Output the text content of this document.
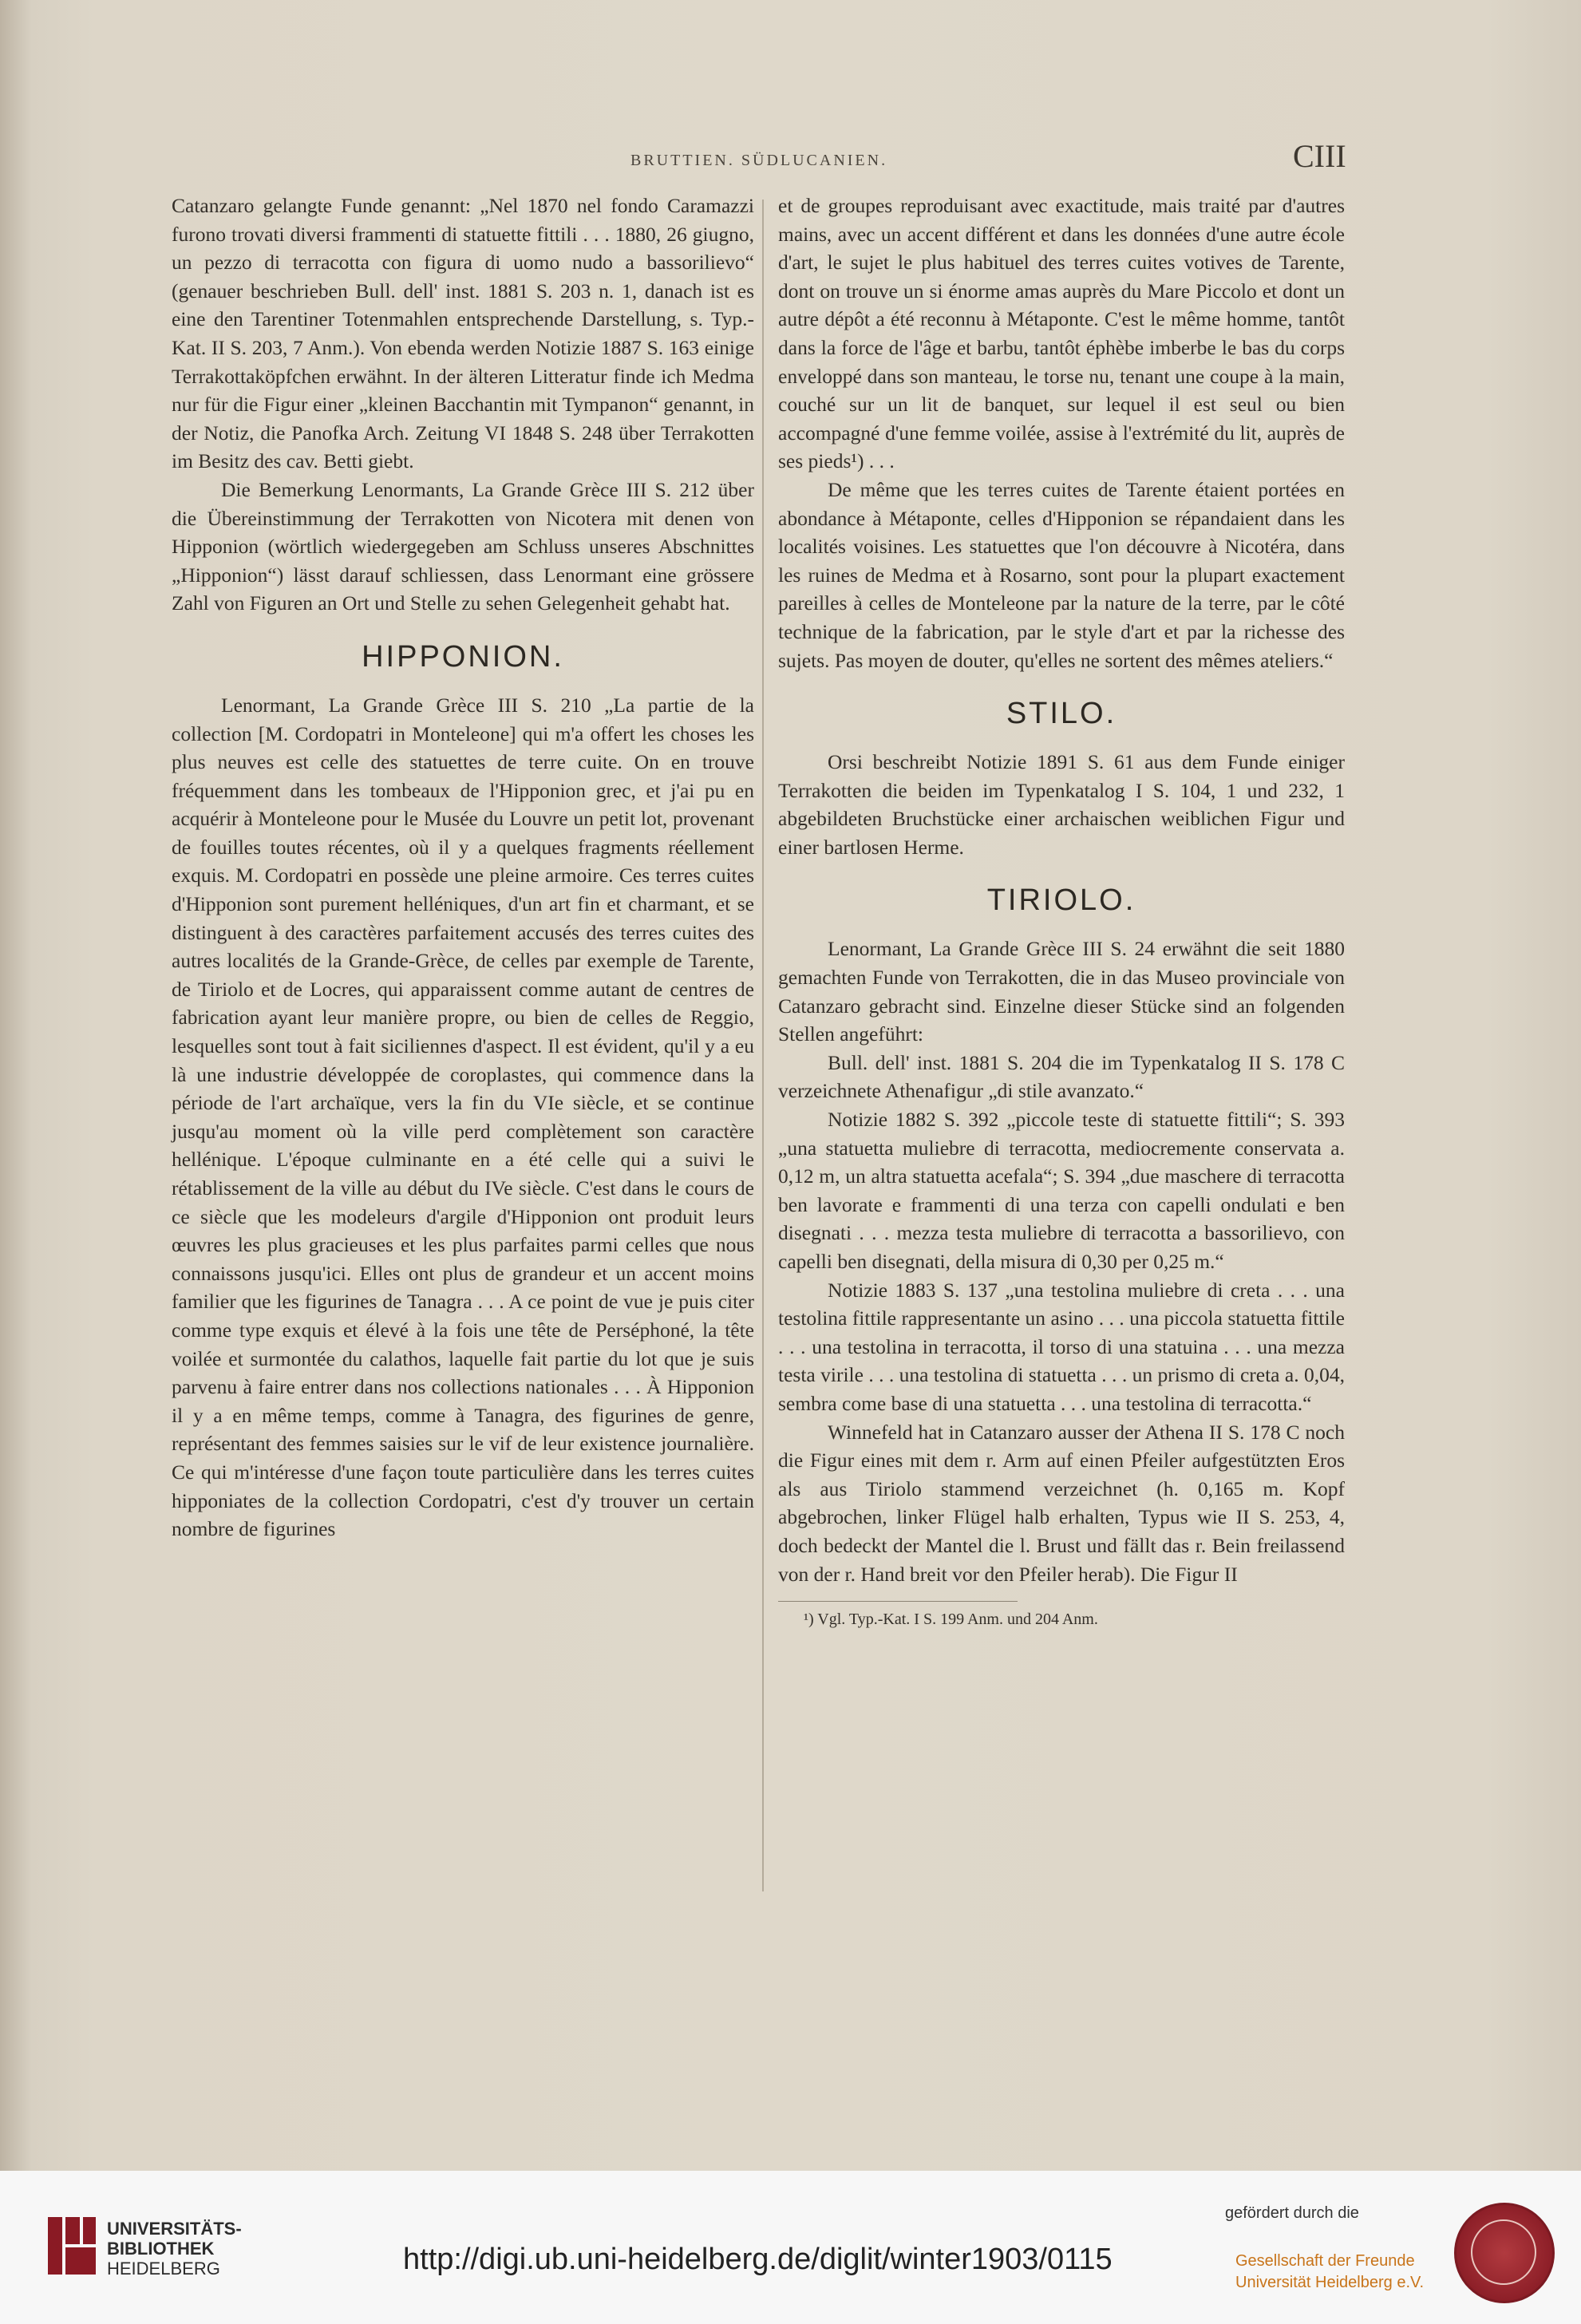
BRUTTIEN. SÜDLUCANIEN.	CIII

Catanzaro gelangte Funde genannt: „Nel 1870 nel fondo Caramazzi furono trovati diversi frammenti di statuette fittili . . . 1880, 26 giugno, un pezzo di terracotta con figura di uomo nudo a bassorilievo“ (genauer beschrieben Bull. dell' inst. 1881 S. 203 n. 1, danach ist es eine den Tarentiner Totenmahlen entsprechende Darstellung, s. Typ.-Kat. II S. 203, 7 Anm.). Von ebenda werden Notizie 1887 S. 163 einige Terrakottaköpfchen erwähnt. In der älteren Litteratur finde ich Medma nur für die Figur einer „kleinen Bacchantin mit Tympanon“ genannt, in der Notiz, die Panofka Arch. Zeitung VI 1848 S. 248 über Terrakotten im Besitz des cav. Betti giebt.

Die Bemerkung Lenormants, La Grande Grèce III S. 212 über die Übereinstimmung der Terrakotten von Nicotera mit denen von Hipponion (wörtlich wiedergegeben am Schluss unseres Abschnittes „Hipponion“) lässt darauf schliessen, dass Lenormant eine grössere Zahl von Figuren an Ort und Stelle zu sehen Gelegenheit gehabt hat.

HIPPONION.

Lenormant, La Grande Grèce III S. 210 „La partie de la collection [M. Cordopatri in Monteleone] qui m'a offert les choses les plus neuves est celle des statuettes de terre cuite. On en trouve fréquemment dans les tombeaux de l'Hipponion grec, et j'ai pu en acquérir à Monteleone pour le Musée du Louvre un petit lot, provenant de fouilles toutes récentes, où il y a quelques fragments réellement exquis. M. Cordopatri en possède une pleine armoire. Ces terres cuites d'Hipponion sont purement helléniques, d'un art fin et charmant, et se distinguent à des caractères parfaitement accusés des terres cuites des autres localités de la Grande-Grèce, de celles par exemple de Tarente, de Tiriolo et de Locres, qui apparaissent comme autant de centres de fabrication ayant leur manière propre, ou bien de celles de Reggio, lesquelles sont tout à fait siciliennes d'aspect. Il est évident, qu'il y a eu là une industrie développée de coroplastes, qui commence dans la période de l'art archaïque, vers la fin du VIe siècle, et se continue jusqu'au moment où la ville perd complètement son caractère hellénique. L'époque culminante en a été celle qui a suivi le rétablissement de la ville au début du IVe siècle. C'est dans le cours de ce siècle que les modeleurs d'argile d'Hipponion ont produit leurs œuvres les plus gracieuses et les plus parfaites parmi celles que nous connaissons jusqu'ici. Elles ont plus de grandeur et un accent moins familier que les figurines de Tanagra . . . A ce point de vue je puis citer comme type exquis et élevé à la fois une tête de Perséphoné, la tête voilée et surmontée du calathos, laquelle fait partie du lot que je suis parvenu à faire entrer dans nos collections nationales . . . À Hipponion il y a en même temps, comme à Tanagra, des figurines de genre, représentant des femmes saisies sur le vif de leur existence journalière. Ce qui m'intéresse d'une façon toute particulière dans les terres cuites hipponiates de la collection Cordopatri, c'est d'y trouver un certain nombre de figurines

et de groupes reproduisant avec exactitude, mais traité par d'autres mains, avec un accent différent et dans les données d'une autre école d'art, le sujet le plus habituel des terres cuites votives de Tarente, dont on trouve un si énorme amas auprès du Mare Piccolo et dont un autre dépôt a été reconnu à Métaponte. C'est le même homme, tantôt dans la force de l'âge et barbu, tantôt éphèbe imberbe le bas du corps enveloppé dans son manteau, le torse nu, tenant une coupe à la main, couché sur un lit de banquet, sur lequel il est seul ou bien accompagné d'une femme voilée, assise à l'extrémité du lit, auprès de ses pieds¹) . . .

De même que les terres cuites de Tarente étaient portées en abondance à Métaponte, celles d'Hipponion se répandaient dans les localités voisines. Les statuettes que l'on découvre à Nicotéra, dans les ruines de Medma et à Rosarno, sont pour la plupart exactement pareilles à celles de Monteleone par la nature de la terre, par le côté technique de la fabrication, par le style d'art et par la richesse des sujets. Pas moyen de douter, qu'elles ne sortent des mêmes ateliers.“

STILO.

Orsi beschreibt Notizie 1891 S. 61 aus dem Funde einiger Terrakotten die beiden im Typenkatalog I S. 104, 1 und 232, 1 abgebildeten Bruchstücke einer archaischen weiblichen Figur und einer bartlosen Herme.

TIRIOLO.

Lenormant, La Grande Grèce III S. 24 erwähnt die seit 1880 gemachten Funde von Terrakotten, die in das Museo provinciale von Catanzaro gebracht sind. Einzelne dieser Stücke sind an folgenden Stellen angeführt:

Bull. dell' inst. 1881 S. 204 die im Typenkatalog II S. 178 C verzeichnete Athenafigur „di stile avanzato.“

Notizie 1882 S. 392 „piccole teste di statuette fittili“; S. 393 „una statuetta muliebre di terracotta, mediocremente conservata a. 0,12 m, un altra statuetta acefala“; S. 394 „due maschere di terracotta ben lavorate e frammenti di una terza con capelli ondulati e ben disegnati . . . mezza testa muliebre di terracotta a bassorilievo, con capelli ben disegnati, della misura di 0,30 per 0,25 m.“

Notizie 1883 S. 137 „una testolina muliebre di creta . . . una testolina fittile rappresentante un asino . . . una piccola statuetta fittile . . . una testolina in terracotta, il torso di una statuina . . . una mezza testa virile . . . una testolina di statuetta . . . un prismo di creta a. 0,04, sembra come base di una statuetta . . . una testolina di terracotta.“

Winnefeld hat in Catanzaro ausser der Athena II S. 178 C noch die Figur eines mit dem r. Arm auf einen Pfeiler aufgestützten Eros als aus Tiriolo stammend verzeichnet (h. 0,165 m. Kopf abgebrochen, linker Flügel halb erhalten, Typus wie II S. 253, 4, doch bedeckt der Mantel die l. Brust und fällt das r. Bein freilassend von der r. Hand breit vor den Pfeiler herab). Die Figur II

¹) Vgl. Typ.-Kat. I S. 199 Anm. und 204 Anm.

UNIVERSITÄTS-
BIBLIOTHEK
HEIDELBERG	http://digi.ub.uni-heidelberg.de/diglit/winter1903/0115
gefördert durch die
Gesellschaft der Freunde
Universität Heidelberg e.V.
